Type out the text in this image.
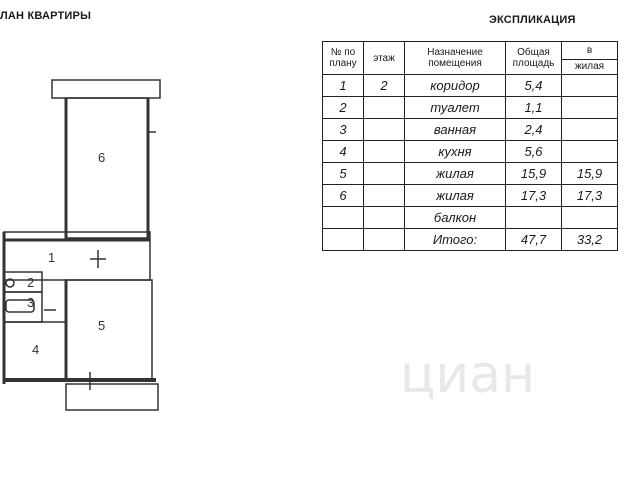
ЛАН КВАРТИРЫ	ЭКСПЛИКАЦИЯ
6
1
2
3
4
5
№ по плану	этаж	Назначение помещения	Общая площадь	в
жилая

1	2	коридор	5,4	
2		туалет	1,1	
3		ванная	2,4	
4		кухня	5,6	
5		жилая	15,9	15,9
6		жилая	17,3	17,3
		балкон		
		Итого:	47,7	33,2
циан
